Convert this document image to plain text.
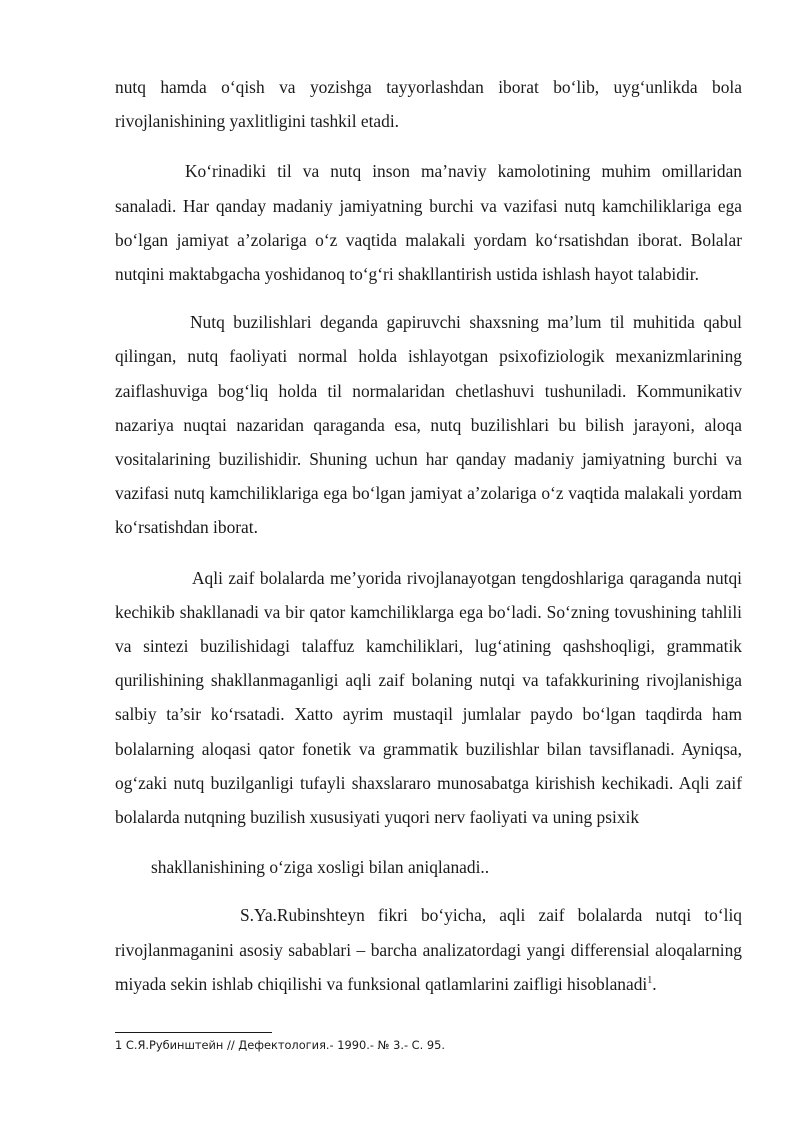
nutq hamda o‘qish va yozishga tayyorlashdan iborat bo‘lib, uyg‘unlikda bola rivojlanishining yaxlitligini tashkil etadi.

Ko‘rinadiki til va nutq inson ma’naviy kamolotining muhim omillaridan sanaladi. Har qanday madaniy jamiyatning burchi va vazifasi nutq kamchiliklariga ega bo‘lgan jamiyat a’zolariga o‘z vaqtida malakali yordam ko‘rsatishdan iborat. Bolalar nutqini maktabgacha yoshidanoq to‘g‘ri shakllantirish ustida ishlash hayot talabidir.

Nutq buzilishlari deganda gapiruvchi shaxsning ma’lum til muhitida qabul qilingan, nutq faoliyati normal holda ishlayotgan psixofiziologik mexanizmlarining zaiflashuviga bog‘liq holda til normalaridan chetlashuvi tushuniladi. Kommunikativ nazariya nuqtai nazaridan qaraganda esa, nutq buzilishlari bu bilish jarayoni, aloqa vositalarining buzilishidir. Shuning uchun har qanday madaniy jamiyatning burchi va vazifasi nutq kamchiliklariga ega bo‘lgan jamiyat a’zolariga o‘z vaqtida malakali yordam ko‘rsatishdan iborat.

Aqli zaif bolalarda me’yorida rivojlanayotgan tengdoshlariga qaraganda nutqi kechikib shakllanadi va bir qator kamchiliklarga ega bo‘ladi. So‘zning tovushining tahlili va sintezi buzilishidagi talaffuz kamchiliklari, lug‘atining qashshoqligi, grammatik qurilishining shakllanmaganligi aqli zaif bolaning nutqi va tafakkurining rivojlanishiga salbiy ta’sir ko‘rsatadi. Xatto ayrim mustaqil jumlalar paydo bo‘lgan taqdirda ham bolalarning aloqasi qator fonetik va grammatik buzilishlar bilan tavsiflanadi. Ayniqsa, og‘zaki nutq buzilganligi tufayli shaxslararo munosabatga kirishish kechikadi. Aqli zaif bolalarda nutqning buzilish xususiyati yuqori nerv faoliyati va uning psixik

shakllanishining o‘ziga xosligi bilan aniqlanadi..

S.Ya.Rubinshteyn fikri bo‘yicha, aqli zaif bolalarda nutqi to‘liq rivojlanmaganini asosiy sabablari – barcha analizatordagi yangi differensial aloqalarning miyada sekin ishlab chiqilishi va funksional qatlamlarini zaifligi hisoblanadi$^1$.

1 С.Я.Рубинштейн // Дефектология.- 1990.- № 3.- С. 95.
